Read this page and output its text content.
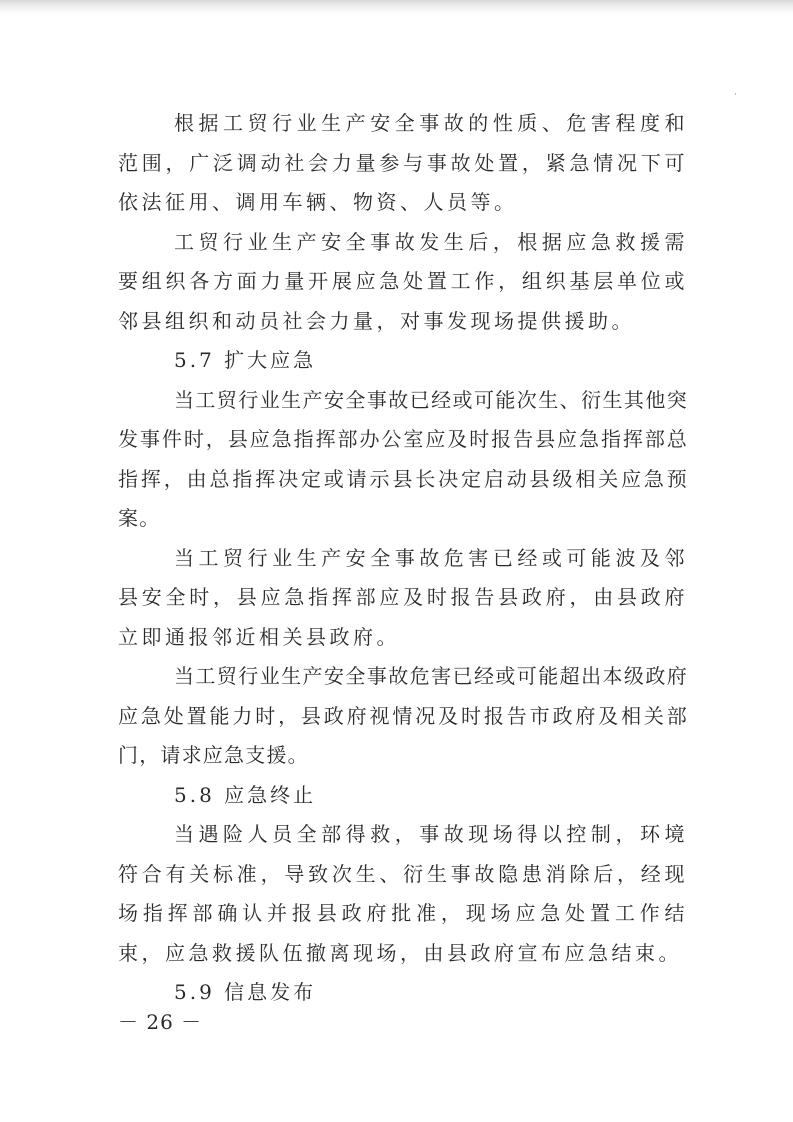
根据工贸行业生产安全事故的性质、危害程度和范围，广泛调动社会力量参与事故处置，紧急情况下可依法征用、调用车辆、物资、人员等。

工贸行业生产安全事故发生后，根据应急救援需要组织各方面力量开展应急处置工作，组织基层单位或邻县组织和动员社会力量，对事发现场提供援助。

5.7 扩大应急

当工贸行业生产安全事故已经或可能次生、衍生其他突发事件时，县应急指挥部办公室应及时报告县应急指挥部总指挥，由总指挥决定或请示县长决定启动县级相关应急预案。

当工贸行业生产安全事故危害已经或可能波及邻县安全时，县应急指挥部应及时报告县政府，由县政府立即通报邻近相关县政府。

当工贸行业生产安全事故危害已经或可能超出本级政府应急处置能力时，县政府视情况及时报告市政府及相关部门，请求应急支援。

5.8 应急终止

当遇险人员全部得救，事故现场得以控制，环境符合有关标准，导致次生、衍生事故隐患消除后，经现场指挥部确认并报县政府批准，现场应急处置工作结束，应急救援队伍撤离现场，由县政府宣布应急结束。

5.9 信息发布

－ 26 －
